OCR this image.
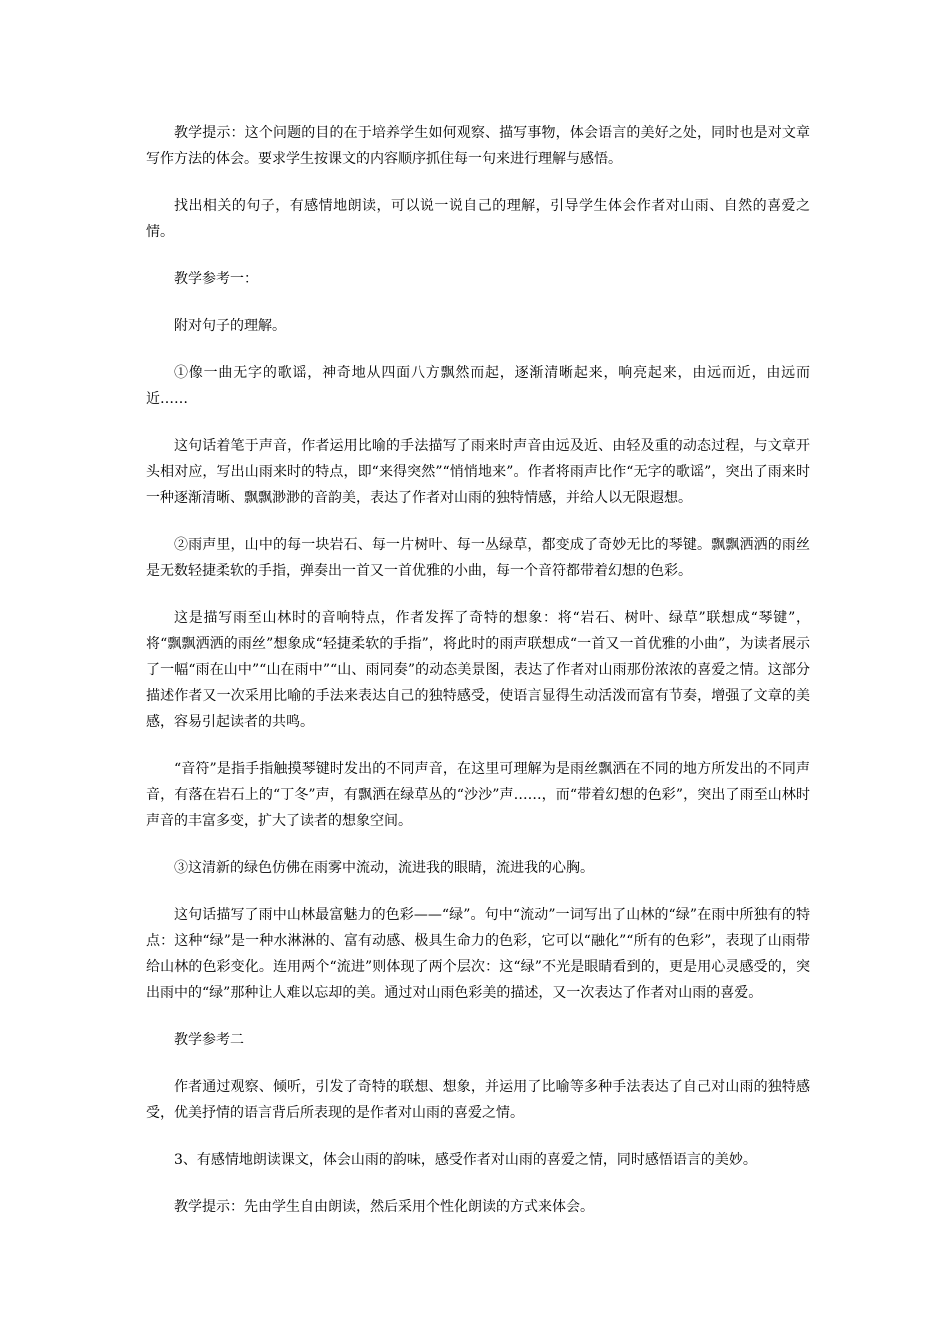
教学提示：这个问题的目的在于培养学生如何观察、描写事物，体会语言的美好之处，同时也是对文章写作方法的体会。要求学生按课文的内容顺序抓住每一句来进行理解与感悟。

找出相关的句子，有感情地朗读，可以说一说自己的理解，引导学生体会作者对山雨、自然的喜爱之情。

教学参考一：

附对句子的理解。

①像一曲无字的歌谣，神奇地从四面八方飘然而起，逐渐清晰起来，响亮起来，由远而近，由远而近……

这句话着笔于声音，作者运用比喻的手法描写了雨来时声音由远及近、由轻及重的动态过程，与文章开头相对应，写出山雨来时的特点，即“来得突然”“悄悄地来”。作者将雨声比作“无字的歌谣”，突出了雨来时一种逐渐清晰、飘飘渺渺的音韵美，表达了作者对山雨的独特情感，并给人以无限遐想。

②雨声里，山中的每一块岩石、每一片树叶、每一丛绿草，都变成了奇妙无比的琴键。飘飘洒洒的雨丝是无数轻捷柔软的手指，弹奏出一首又一首优雅的小曲，每一个音符都带着幻想的色彩。

这是描写雨至山林时的音响特点，作者发挥了奇特的想象：将“岩石、树叶、绿草”联想成“琴键”，将“飘飘洒洒的雨丝”想象成“轻捷柔软的手指”，将此时的雨声联想成“一首又一首优雅的小曲”，为读者展示了一幅“雨在山中”“山在雨中”“山、雨同奏”的动态美景图，表达了作者对山雨那份浓浓的喜爱之情。这部分描述作者又一次采用比喻的手法来表达自己的独特感受，使语言显得生动活泼而富有节奏，增强了文章的美感，容易引起读者的共鸣。

“音符”是指手指触摸琴键时发出的不同声音，在这里可理解为是雨丝飘洒在不同的地方所发出的不同声音，有落在岩石上的“丁冬”声，有飘洒在绿草丛的“沙沙”声……，而“带着幻想的色彩”，突出了雨至山林时声音的丰富多变，扩大了读者的想象空间。

③这清新的绿色仿佛在雨雾中流动，流进我的眼睛，流进我的心胸。

这句话描写了雨中山林最富魅力的色彩——“绿”。句中“流动”一词写出了山林的“绿”在雨中所独有的特点：这种“绿”是一种水淋淋的、富有动感、极具生命力的色彩，它可以“融化”“所有的色彩”，表现了山雨带给山林的色彩变化。连用两个“流进”则体现了两个层次：这“绿”不光是眼睛看到的，更是用心灵感受的，突出雨中的“绿”那种让人难以忘却的美。通过对山雨色彩美的描述，又一次表达了作者对山雨的喜爱。

教学参考二

作者通过观察、倾听，引发了奇特的联想、想象，并运用了比喻等多种手法表达了自己对山雨的独特感受，优美抒情的语言背后所表现的是作者对山雨的喜爱之情。

3、有感情地朗读课文，体会山雨的韵味，感受作者对山雨的喜爱之情，同时感悟语言的美妙。

教学提示：先由学生自由朗读，然后采用个性化朗读的方式来体会。
